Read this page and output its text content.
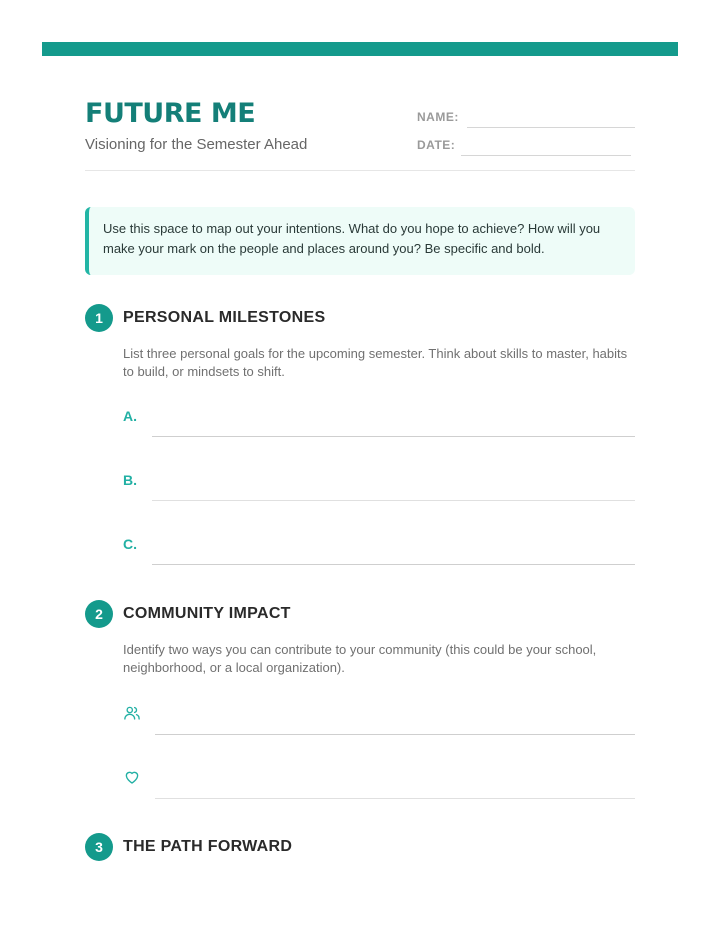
FUTURE ME
Visioning for the Semester Ahead
NAME:
DATE:

Use this space to map out your intentions. What do you hope to achieve? How will you make your mark on the people and places around you? Be specific and bold.

1	PERSONAL MILESTONES

List three personal goals for the upcoming semester. Think about skills to master, habits to build, or mindsets to shift.

A.
B.
C.
2	COMMUNITY IMPACT

Identify two ways you can contribute to your community (this could be your school, neighborhood, or a local organization).

3	THE PATH FORWARD
